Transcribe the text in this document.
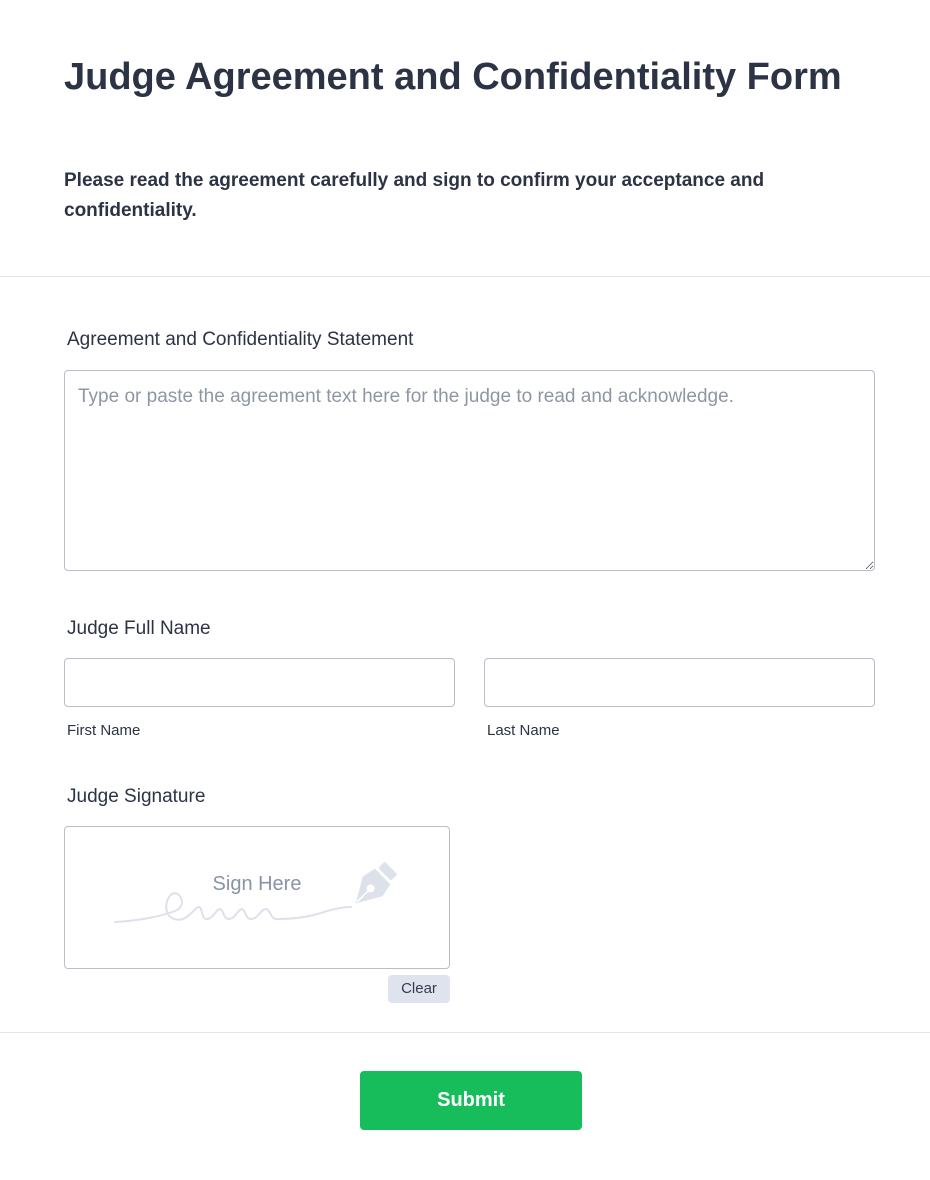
Judge Agreement and Confidentiality Form

Please read the agreement carefully and sign to confirm your acceptance and confidentiality.

Agreement and Confidentiality Statement
Type or paste the agreement text here for the judge to read and acknowledge.
Judge Full Name
First Name	Last Name
Judge Signature
Sign Here
Clear
Submit
